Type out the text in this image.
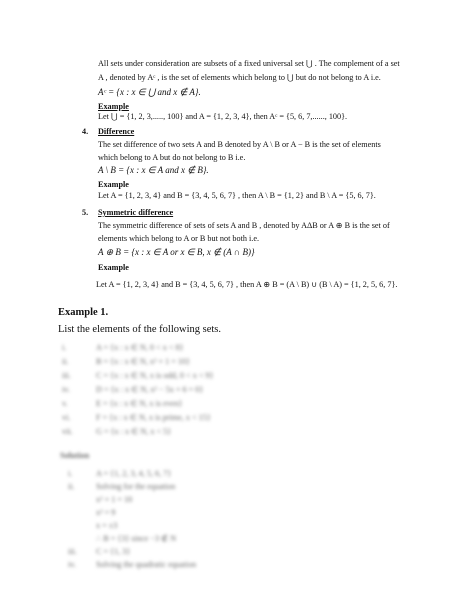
All sets under consideration are subsets of a fixed universal set ⋃ . The complement of a set
A , denoted by Aᶜ , is the set of elements which belong to ⋃ but do not belong to A i.e.
Aᶜ = {x : x ∈ ⋃ and x ∉ A}.
Example
Let ⋃ = {1, 2, 3,....., 100} and A = {1, 2, 3, 4}, then Aᶜ = {5, 6, 7,......, 100}.
4. Difference
The set difference of two sets A and B denoted by A \ B or A − B is the set of elements
which belong to A but do not belong to B i.e.
A \ B = {x : x ∈ A and x ∉ B}.
Example
Let A = {1, 2, 3, 4} and B = {3, 4, 5, 6, 7} , then A \ B = {1, 2} and B \ A = {5, 6, 7}.
5. Symmetric difference
The symmetric difference of sets of sets A and B , denoted by AΔB or A ⊕ B is the set of
elements which belong to A or B but not both i.e.
A ⊕ B = {x : x ∈ A or x ∈ B, x ∉ (A ∩ B)}
Example
Let A = {1, 2, 3, 4} and B = {3, 4, 5, 6, 7} , then A ⊕ B = (A \ B) ∪ (B \ A) = {1, 2, 5, 6, 7}.
Example 1.
List the elements of the following sets.
i.	A = {x : x ∈ N, 0 < x < 8}
ii.	B = {x : x ∈ N, x² + 1 = 10}
iii.	C = {x : x ∈ N, x is odd, 0 < x < 9}
iv.	D = {x : x ∈ N, x² − 5x + 6 = 0}
v.	E = {x : x ∈ N, x is even}
vi.	F = {x : x ∈ N, x is prime, x < 15}
vii.	G = {x : x ∈ N, x < 5}
Solution
i.	A = {1, 2, 3, 4, 5, 6, 7}
ii.	Solving for the equation
x² + 1 = 10
x² = 9
x = ±3
∴ B = {3} since −3 ∉ N
iii. C = {1, 3}
iv. Solving the quadratic equation
